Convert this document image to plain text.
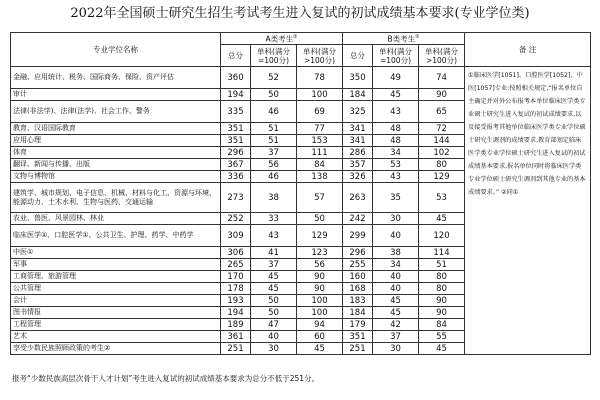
2022年全国硕士研究生招生考试考生进入复试的初试成绩基本要求(专业学位类)
专业学位名称	A类考生②			B类考生②			备 注
	总分	单科(满分=100分)	单科(满分>100分)	总分	单科(满分=100分)	单科(满分>100分)	
金融、应用统计、税务、国际商务、保险、资产评估	360	52	78	350	49	74	①临床医学[1051]、口腔医学[1052]、中医[1057]专业:按照相关规定,“报名单位自主确定并对外公布报考本单位临床医学类专业硕士研究生进入复试的初试成绩要求,以及接受报考其他单位临床医学类专业学位硕士研究生调剂的成绩要求,教育部划定临床医学类专业学位硕士研究生进入复试的初试成绩基本要求,报名单位同时将临床医学类专业学位硕士研究生调剂到其他专业的基本成绩要求。” ②同①
审计	194	50	100	184	45	90	
法律(非法学)、法律(法学)、社会工作、警务	335	46	69	325	43	65	
教育、汉语国际教育	351	51	77	341	48	72	
应用心理	351	51	153	341	48	144	
体育	296	37	111	286	34	102	
翻译、新闻与传播、出版	367	56	84	357	53	80	
文物与博物馆	336	46	138	326	43	129	
建筑学、城市规划、电子信息、机械、材料与化工、资源与环境、能源动力、土木水利、生物与医药、交通运输	273	38	57	263	35	53	
农业、兽医、风景园林、林业	252	33	50	242	30	45	
临床医学①、口腔医学①、公共卫生、护理、药学、中药学	309	43	129	299	40	120	
中医①	306	41	123	296	38	114	
军事	265	37	56	255	34	51	
工商管理、旅游管理	170	45	90	160	40	80	
公共管理	178	45	90	168	40	80	
会计	193	50	100	183	45	90	
图书情报	194	50	100	184	45	90	
工程管理	189	47	94	179	42	84	
艺术	361	40	60	351	37	55	
享受少数民族照顾政策的考生②	251	30	45	251	30	45	
报考“少数民族高层次骨干人才计划”考生进入复试的初试成绩基本要求为总分不低于251分。
